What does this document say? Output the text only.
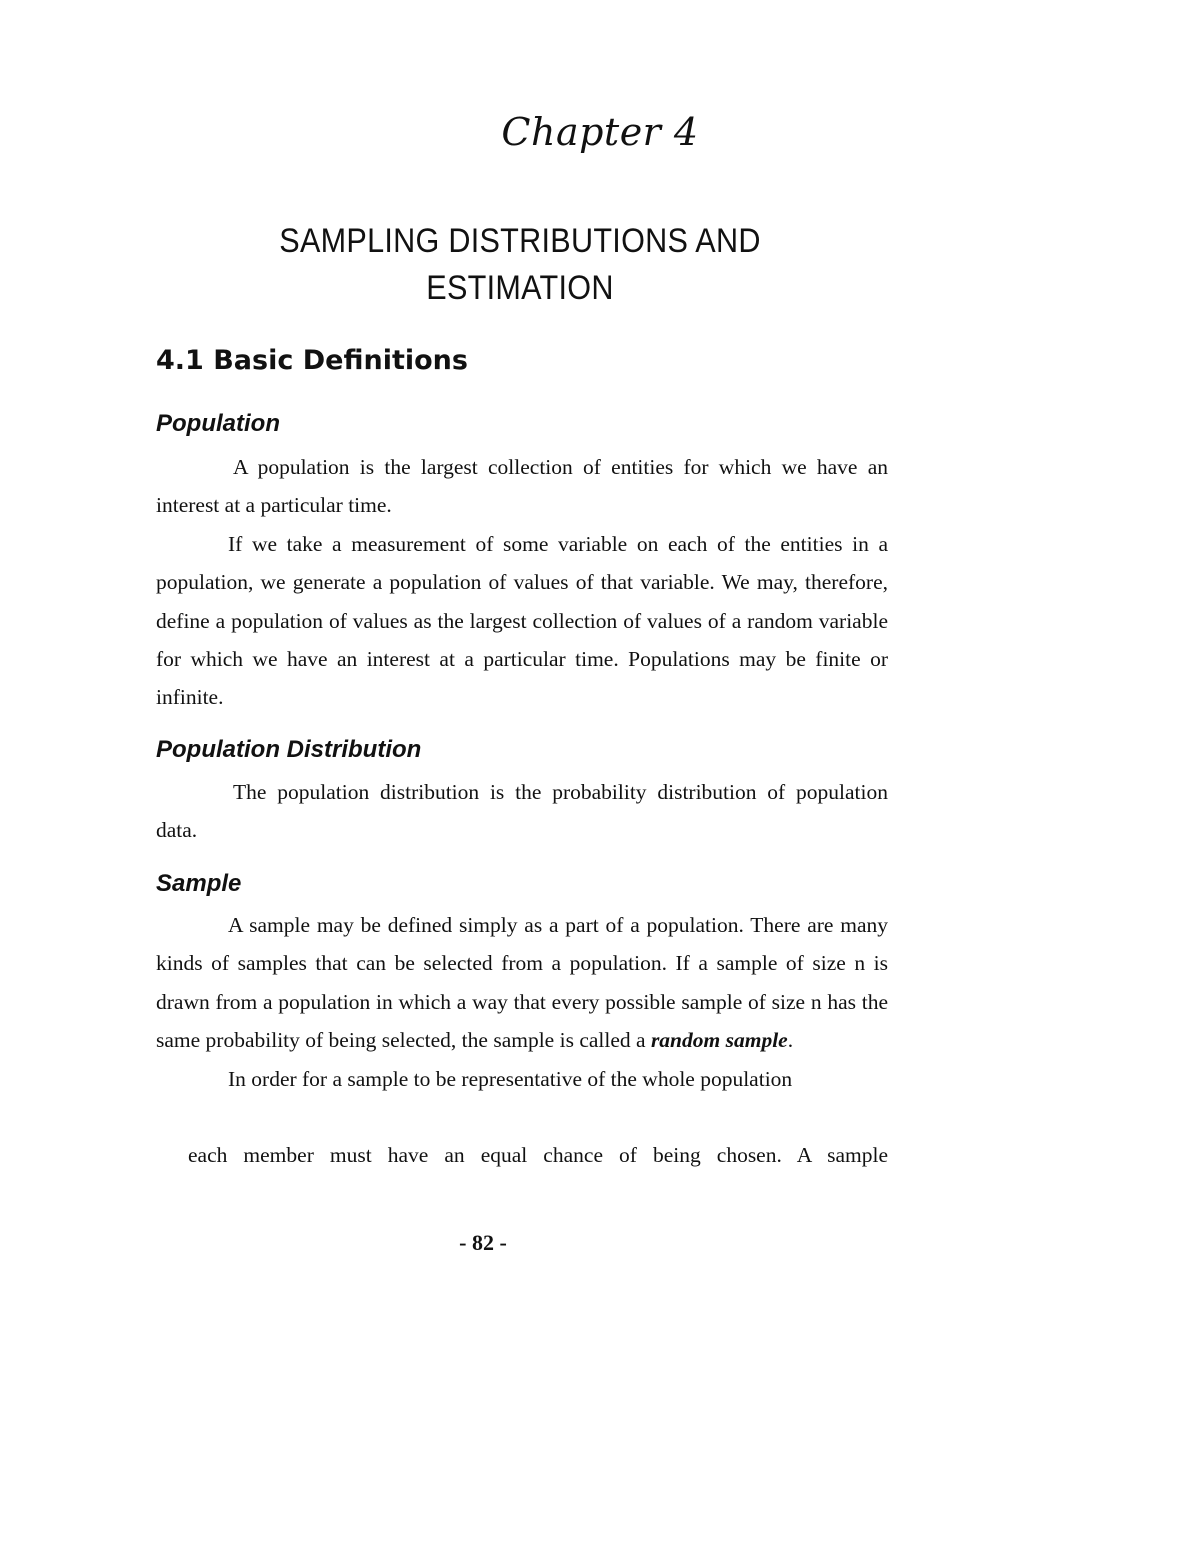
Chapter 4
SAMPLING DISTRIBUTIONS AND
ESTIMATION
4.1 Basic Definitions
Population

A population is the largest collection of entities for which we have an interest at a particular time.

If we take a measurement of some variable on each of the entities in a population, we generate a population of values of that variable. We may, therefore, define a population of values as the largest collection of values of a random variable for which we have an interest at a particular time. Populations may be finite or infinite.

Population Distribution

The population distribution is the probability distribution of population data.

Sample

A sample may be defined simply as a part of a population. There are many kinds of samples that can be selected from a population. If a sample of size n is drawn from a population in which a way that every possible sample of size n has the same probability of being selected, the sample is called a random sample.

In order for a sample to be representative of the whole population

each member must have an equal chance of being chosen. A sample
- 82 -
